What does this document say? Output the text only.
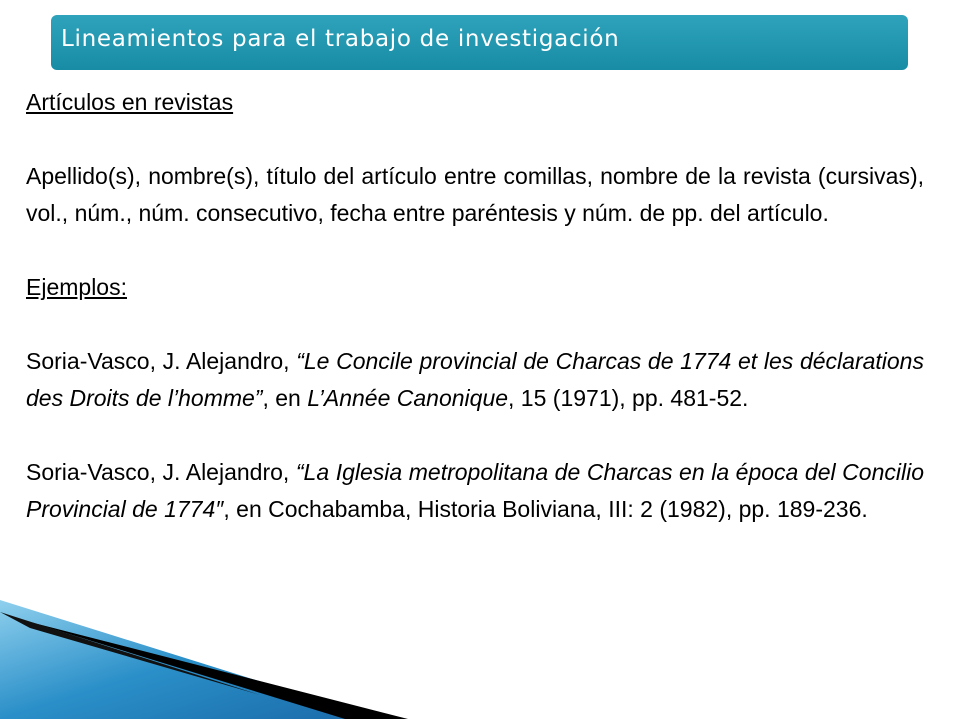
Lineamientos para el trabajo de investigación

Artículos en revistas

Apellido(s), nombre(s), título del artículo entre comillas, nombre de la revista (cursivas), vol., núm., núm. consecutivo, fecha entre paréntesis y núm. de pp. del artículo.

Ejemplos:

Soria-Vasco, J. Alejandro, “Le Concile provincial de Charcas de 1774 et les déclarations des Droits de l’homme”, en L’Année Canonique, 15 (1971), pp. 481-52.

Soria-Vasco, J. Alejandro, “La Iglesia metropolitana de Charcas en la época del Concilio Provincial de 1774″, en Cochabamba, Historia Boliviana, III: 2 (1982), pp. 189-236.
